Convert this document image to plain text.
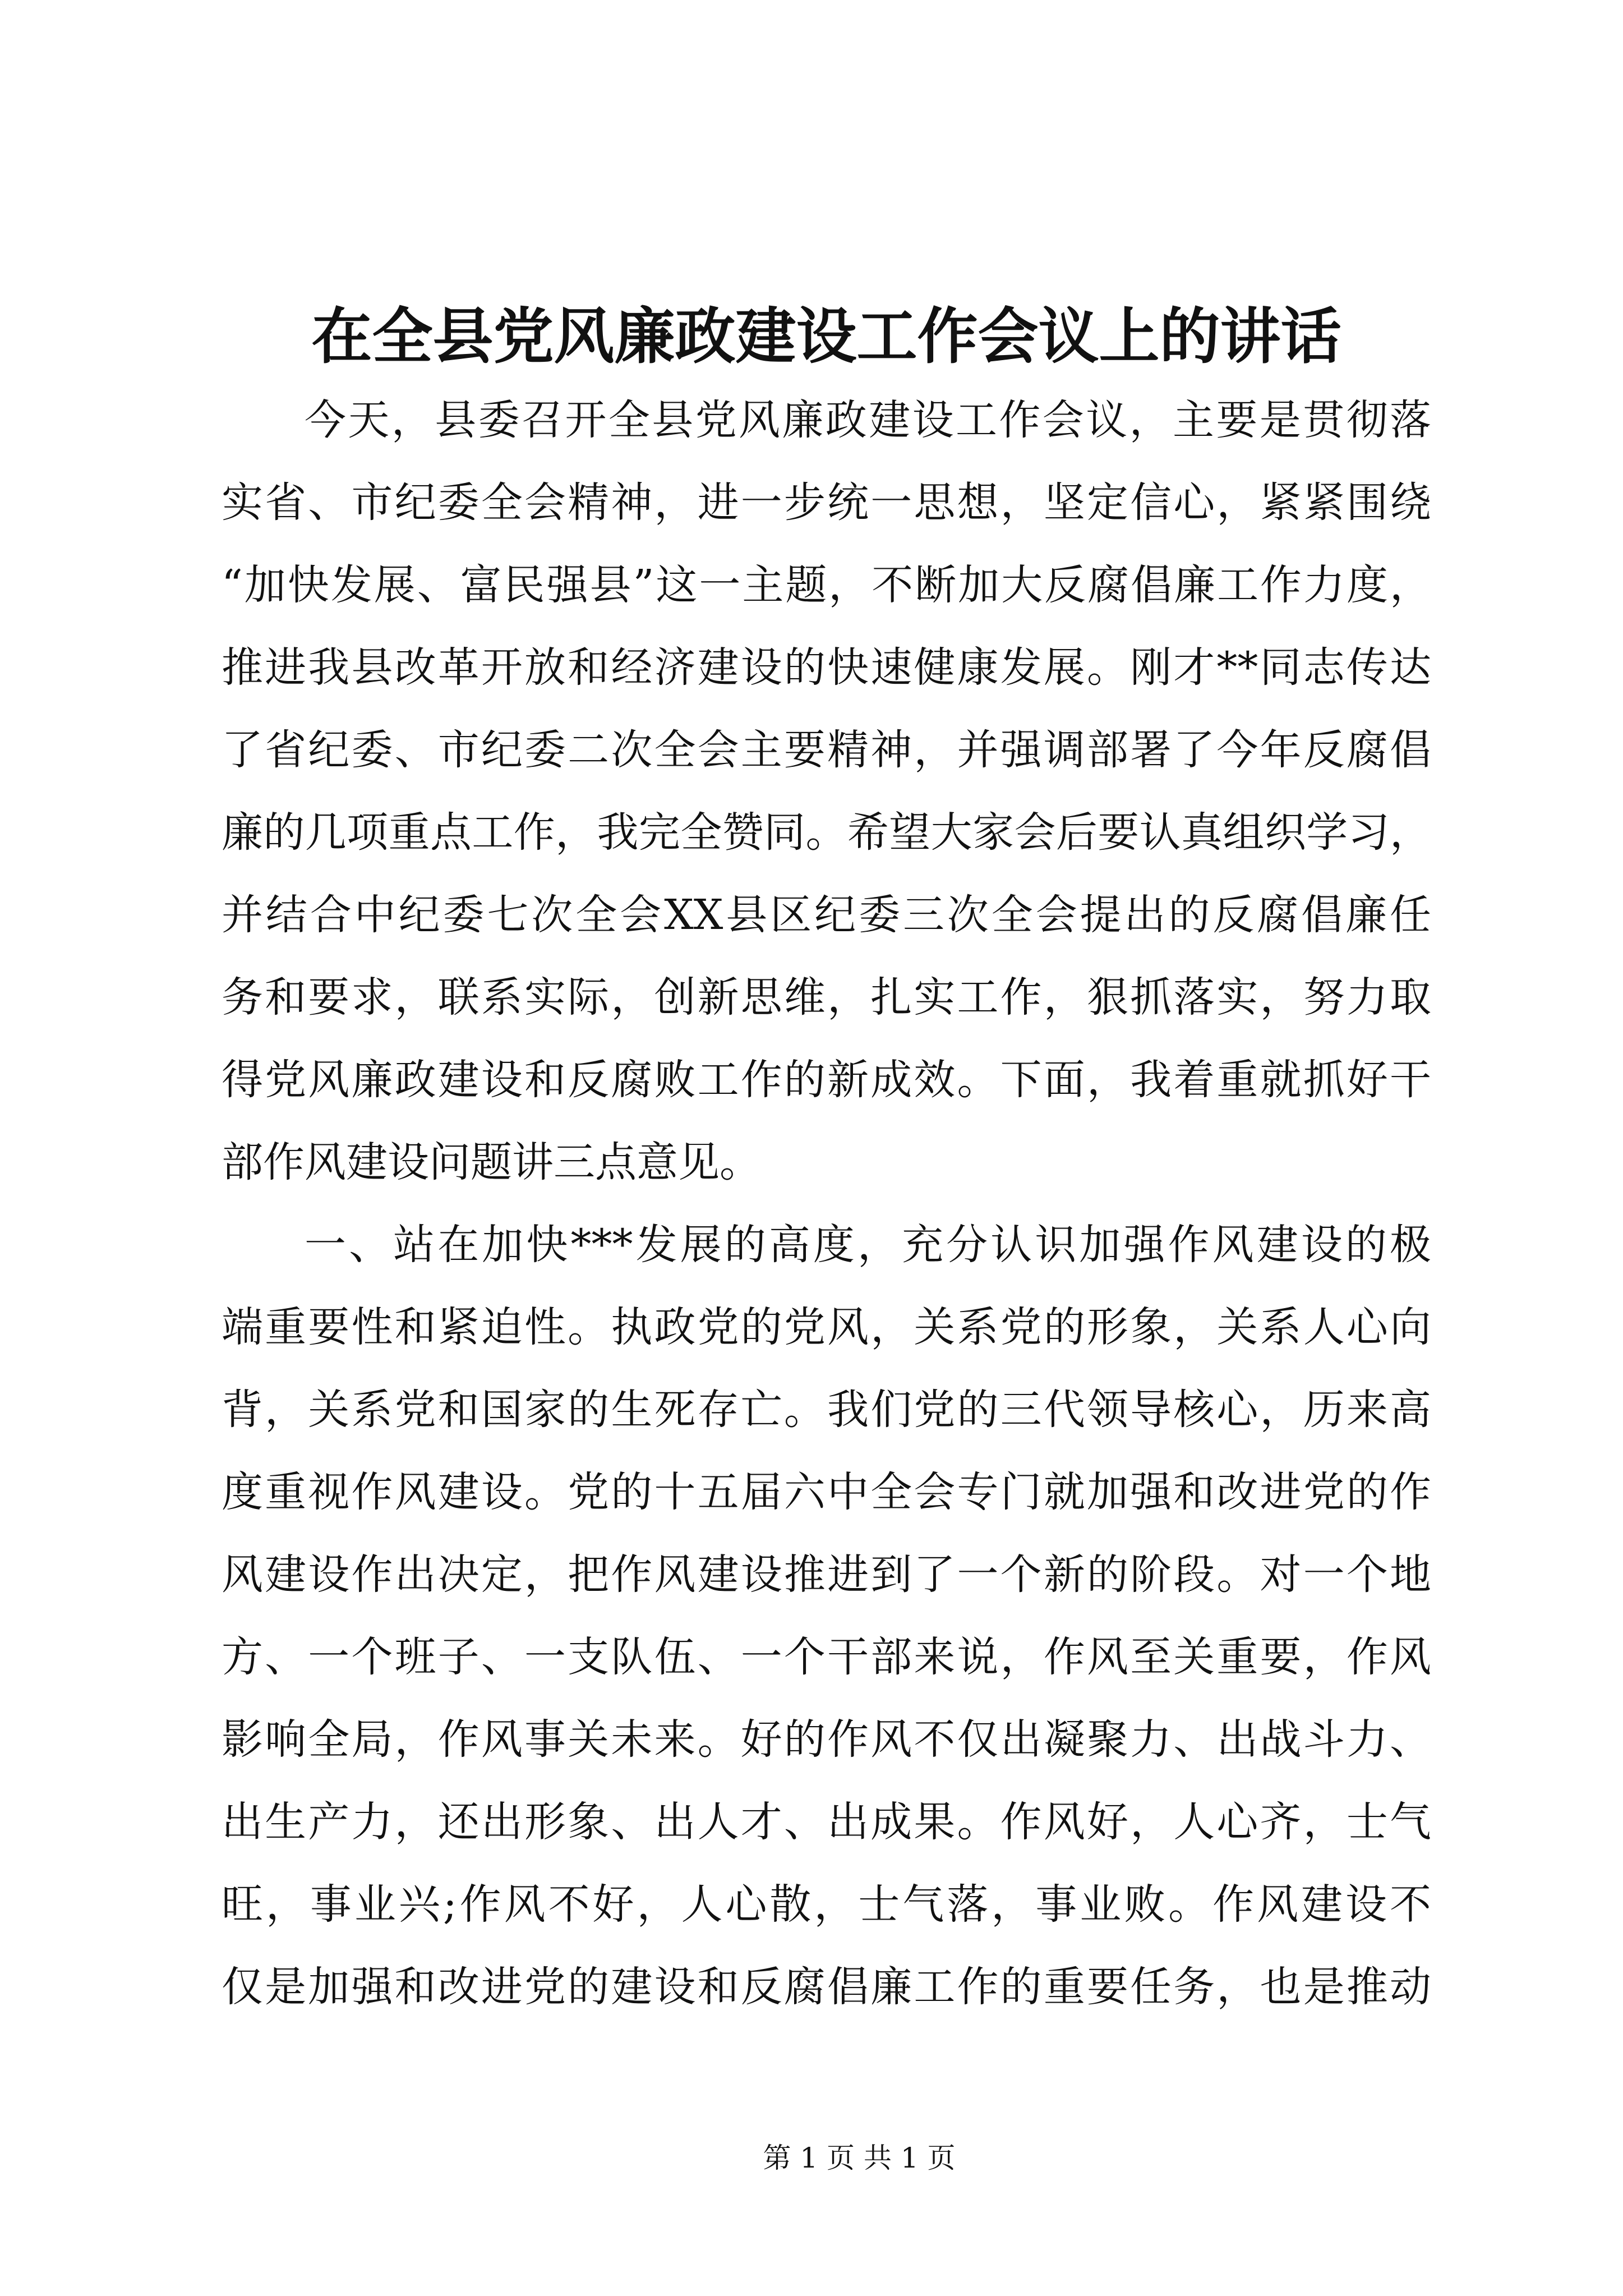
在全县党风廉政建设工作会议上的讲话
今天，县委召开全县党风廉政建设工作会议，主要是贯彻落
实省、市纪委全会精神，进一步统一思想，坚定信心，紧紧围绕
“加快发展、富民强县”这一主题，不断加大反腐倡廉工作力度，
推进我县改革开放和经济建设的快速健康发展。刚才**同志传达
了省纪委、市纪委二次全会主要精神，并强调部署了今年反腐倡
廉的几项重点工作，我完全赞同。希望大家会后要认真组织学习，
并结合中纪委七次全会XX县区纪委三次全会提出的反腐倡廉任
务和要求，联系实际，创新思维，扎实工作，狠抓落实，努力取
得党风廉政建设和反腐败工作的新成效。下面，我着重就抓好干
部作风建设问题讲三点意见。
一、站在加快***发展的高度，充分认识加强作风建设的极
端重要性和紧迫性。执政党的党风，关系党的形象，关系人心向
背，关系党和国家的生死存亡。我们党的三代领导核心，历来高
度重视作风建设。党的十五届六中全会专门就加强和改进党的作
风建设作出决定，把作风建设推进到了一个新的阶段。对一个地
方、一个班子、一支队伍、一个干部来说，作风至关重要，作风
影响全局，作风事关未来。好的作风不仅出凝聚力、出战斗力、
出生产力，还出形象、出人才、出成果。作风好，人心齐，士气
旺，事业兴;作风不好，人心散，士气落，事业败。作风建设不
仅是加强和改进党的建设和反腐倡廉工作的重要任务，也是推动
第 1 页 共 1 页
